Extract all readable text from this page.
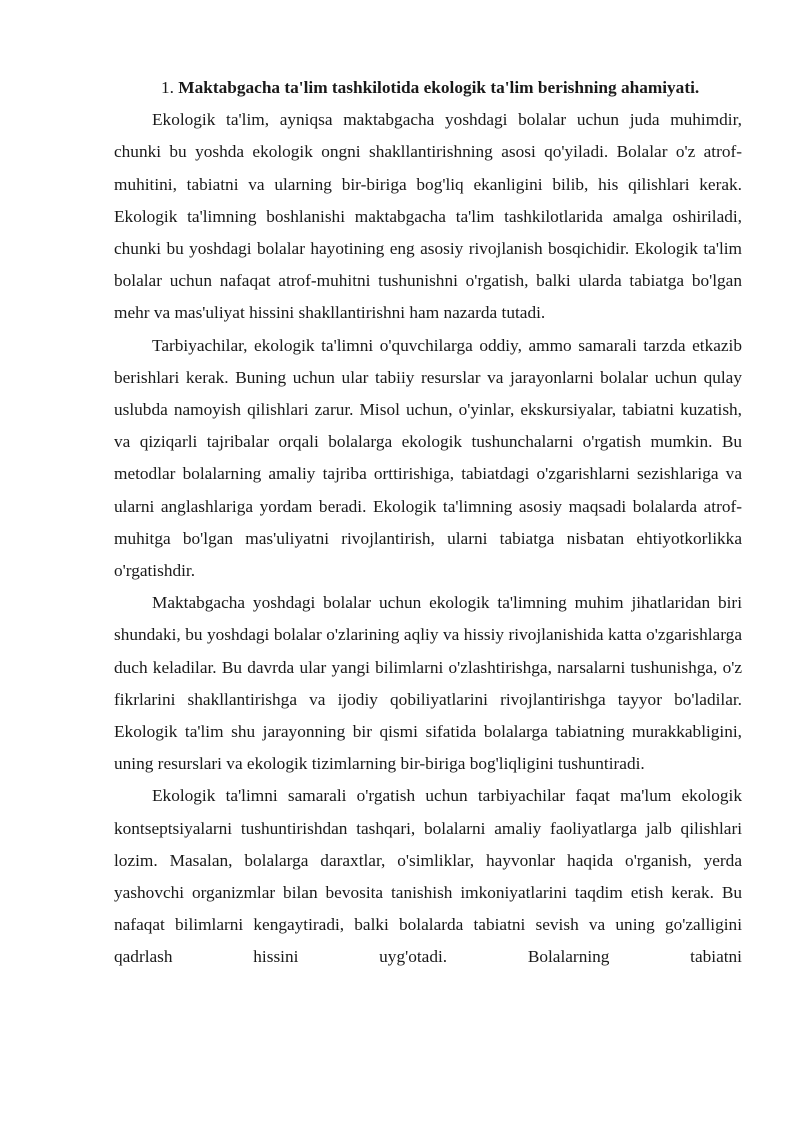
1. Maktabgacha ta'lim tashkilotida ekologik ta'lim berishning ahamiyati.

Ekologik ta'lim, ayniqsa maktabgacha yoshdagi bolalar uchun juda muhimdir, chunki bu yoshda ekologik ongni shakllantirishning asosi qo'yiladi. Bolalar o'z atrof-muhitini, tabiatni va ularning bir-biriga bog'liq ekanligini bilib, his qilishlari kerak. Ekologik ta'limning boshlanishi maktabgacha ta'lim tashkilotlarida amalga oshiriladi, chunki bu yoshdagi bolalar hayotining eng asosiy rivojlanish bosqichidir. Ekologik ta'lim bolalar uchun nafaqat atrof-muhitni tushunishni o'rgatish, balki ularda tabiatga bo'lgan mehr va mas'uliyat hissini shakllantirishni ham nazarda tutadi.

Tarbiyachilar, ekologik ta'limni o'quvchilarga oddiy, ammo samarali tarzda etkazib berishlari kerak. Buning uchun ular tabiiy resurslar va jarayonlarni bolalar uchun qulay uslubda namoyish qilishlari zarur. Misol uchun, o'yinlar, ekskursiyalar, tabiatni kuzatish, va qiziqarli tajribalar orqali bolalarga ekologik tushunchalarni o'rgatish mumkin. Bu metodlar bolalarning amaliy tajriba orttirishiga, tabiatdagi o'zgarishlarni sezishlariga va ularni anglashlariga yordam beradi. Ekologik ta'limning asosiy maqsadi bolalarda atrof-muhitga bo'lgan mas'uliyatni rivojlantirish, ularni tabiatga nisbatan ehtiyotkorlikka o'rgatishdir.

Maktabgacha yoshdagi bolalar uchun ekologik ta'limning muhim jihatlaridan biri shundaki, bu yoshdagi bolalar o'zlarining aqliy va hissiy rivojlanishida katta o'zgarishlarga duch keladilar. Bu davrda ular yangi bilimlarni o'zlashtirishga, narsalarni tushunishga, o'z fikrlarini shakllantirishga va ijodiy qobiliyatlarini rivojlantirishga tayyor bo'ladilar. Ekologik ta'lim shu jarayonning bir qismi sifatida bolalarga tabiatning murakkabligini, uning resurslari va ekologik tizimlarning bir-biriga bog'liqligini tushuntiradi.

Ekologik ta'limni samarali o'rgatish uchun tarbiyachilar faqat ma'lum ekologik kontseptsiyalarni tushuntirishdan tashqari, bolalarni amaliy faoliyatlarga jalb qilishlari lozim. Masalan, bolalarga daraxtlar, o'simliklar, hayvonlar haqida o'rganish, yerda yashovchi organizmlar bilan bevosita tanishish imkoniyatlarini taqdim etish kerak. Bu nafaqat bilimlarni kengaytiradi, balki bolalarda tabiatni sevish va uning go'zalligini qadrlash hissini uyg'otadi. Bolalarning tabiatni
